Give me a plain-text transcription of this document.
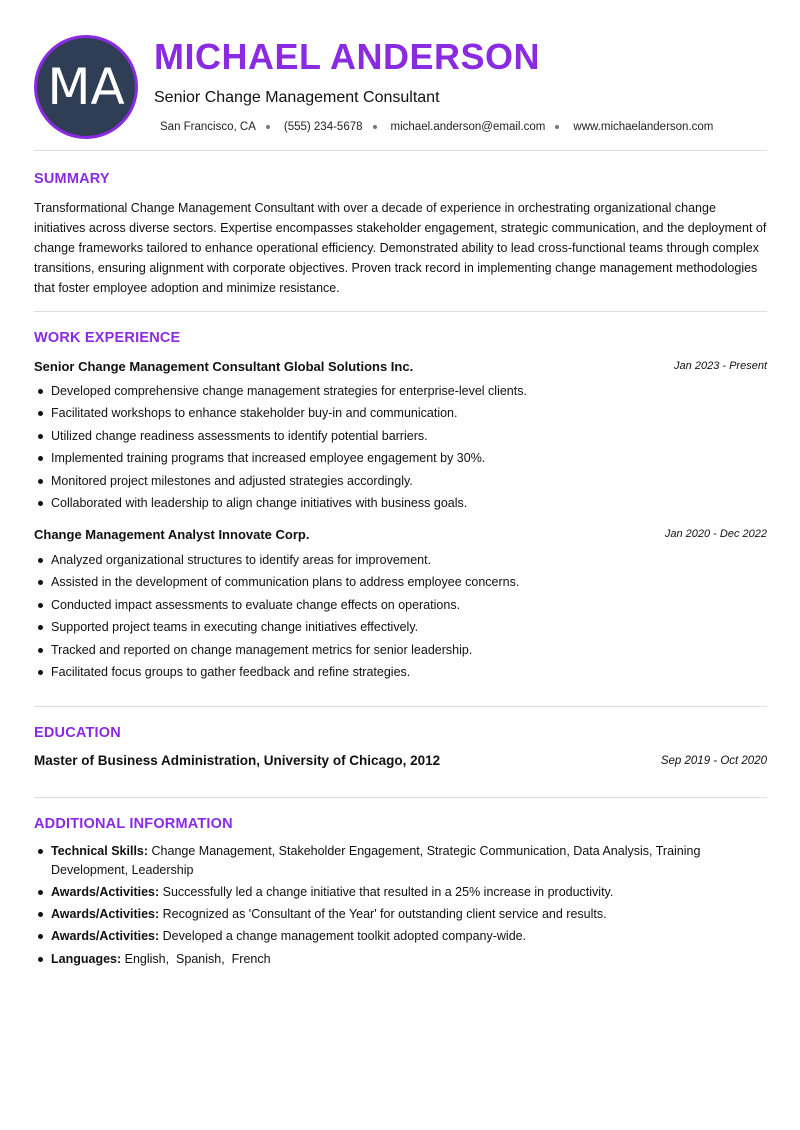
MA
MICHAEL ANDERSON
Senior Change Management Consultant
San Francisco, CA (555) 234-5678 michael.anderson@email.com www.michaelanderson.com
SUMMARY

Transformational Change Management Consultant with over a decade of experience in orchestrating organizational change initiatives across diverse sectors. Expertise encompasses stakeholder engagement, strategic communication, and the deployment of change frameworks tailored to enhance operational efficiency. Demonstrated ability to lead cross-functional teams through complex transitions, ensuring alignment with corporate objectives. Proven track record in implementing change management methodologies that foster employee adoption and minimize resistance.

WORK EXPERIENCE
Senior Change Management Consultant Global Solutions Inc.	Jan 2023 - Present
Developed comprehensive change management strategies for enterprise-level clients.
Facilitated workshops to enhance stakeholder buy-in and communication.
Utilized change readiness assessments to identify potential barriers.
Implemented training programs that increased employee engagement by 30%.
Monitored project milestones and adjusted strategies accordingly.
Collaborated with leadership to align change initiatives with business goals.
Change Management Analyst Innovate Corp.	Jan 2020 - Dec 2022
Analyzed organizational structures to identify areas for improvement.
Assisted in the development of communication plans to address employee concerns.
Conducted impact assessments to evaluate change effects on operations.
Supported project teams in executing change initiatives effectively.
Tracked and reported on change management metrics for senior leadership.
Facilitated focus groups to gather feedback and refine strategies.
EDUCATION
Master of Business Administration, University of Chicago, 2012	Sep 2019 - Oct 2020
ADDITIONAL INFORMATION
Technical Skills: Change Management, Stakeholder Engagement, Strategic Communication, Data Analysis, Training Development, Leadership
Awards/Activities: Successfully led a change initiative that resulted in a 25% increase in productivity.
Awards/Activities: Recognized as 'Consultant of the Year' for outstanding client service and results.
Awards/Activities: Developed a change management toolkit adopted company-wide.
Languages: English,  Spanish,  French
